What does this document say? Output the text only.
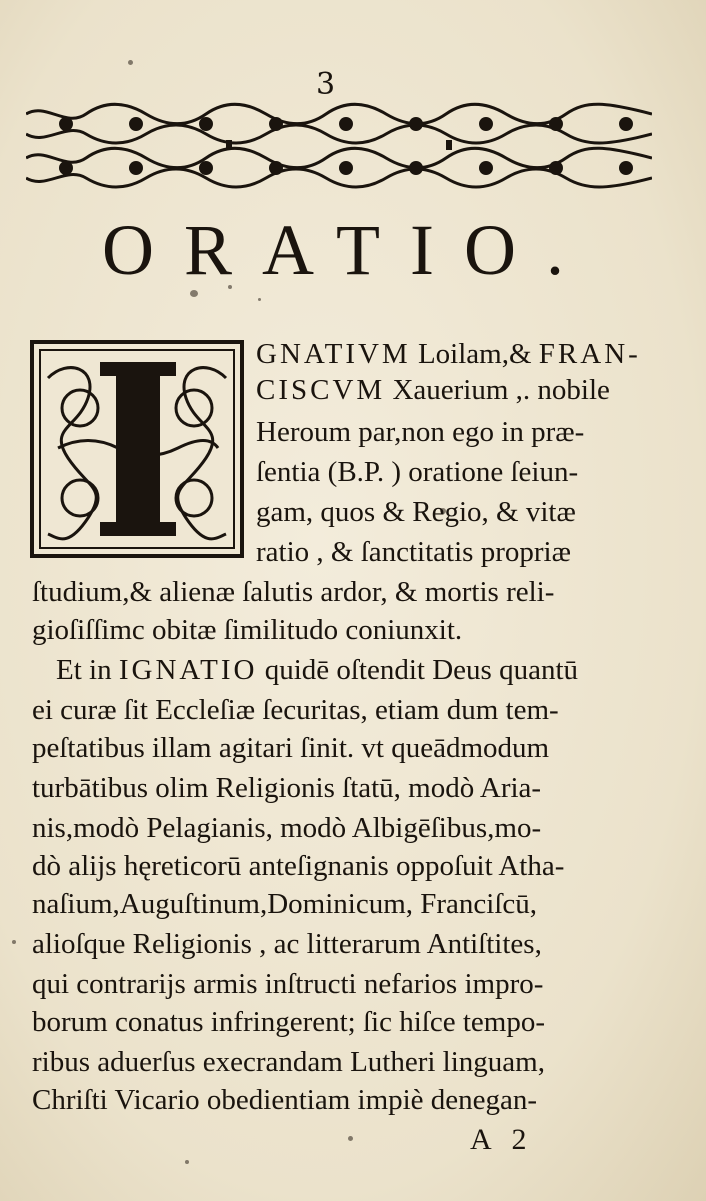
3
ORATIO.
GNATIVM Loilam,& FRAN-
CISCVM Xauerium ,. nobile
Heroum par,non ego in præ-
ſentia (B.P. ) oratione ſeiun-
gam, quos & Regio, & vitæ
ratio , & ſanctitatis propriæ
ſtudium,& alienæ ſalutis ardor, & mortis reli-
gioſiſſimc obitæ ſimilitudo coniunxit.
Et in IGNATIO quidē oſtendit Deus quantū
ei curæ ſit Eccleſiæ ſecuritas, etiam dum tem-
peſtatibus illam agitari ſinit. vt queādmodum
turbātibus olim Religionis ſtatū, modò Aria-
nis,modò Pelagianis, modò Albigēſibus,mo-
dò alijs hęreticorū anteſignanis oppoſuit Atha-
naſium,Auguſtinum,Dominicum, Franciſcū,
alioſque Religionis , ac litterarum Antiſtites,
qui contrarijs armis inſtructi nefarios impro-
borum conatus infringerent; ſic hiſce tempo-
ribus aduerſus execrandam Lutheri linguam,
Chriſti Vicario obedientiam impiè denegan-
A 2
